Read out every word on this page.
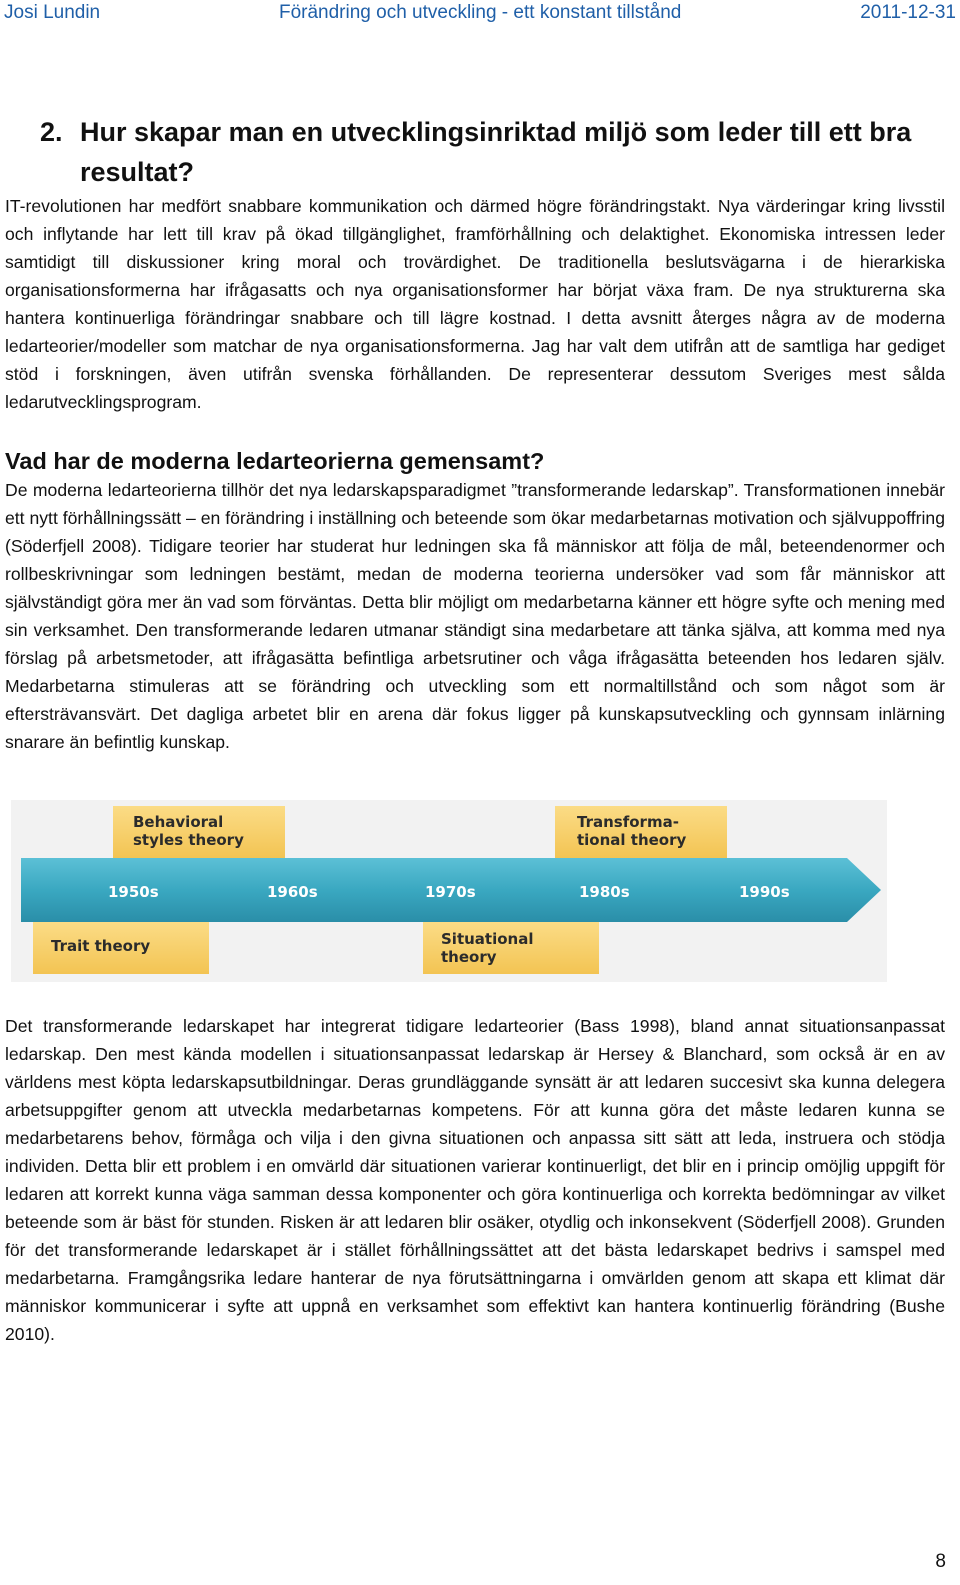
Josi Lundin	Förändring och utveckling - ett konstant tillstånd	2011-12-31
2. Hur skapar man en utvecklingsinriktad miljö som leder till ett bra resultat?

IT-revolutionen har medfört snabbare kommunikation och därmed högre förändringstakt. Nya värderingar kring livsstil och inflytande har lett till krav på ökad tillgänglighet, framförhållning och delaktighet. Ekonomiska intressen leder samtidigt till diskussioner kring moral och trovärdighet. De traditionella beslutsvägarna i de hierarkiska organisationsformerna har ifrågasatts och nya organisationsformer har börjat växa fram. De nya strukturerna ska hantera kontinuerliga förändringar snabbare och till lägre kostnad. I detta avsnitt återges några av de moderna ledarteorier/modeller som matchar de nya organisationsformerna. Jag har valt dem utifrån att de samtliga har gediget stöd i forskningen, även utifrån svenska förhållanden. De representerar dessutom Sveriges mest sålda ledarutvecklingsprogram.

Vad har de moderna ledarteorierna gemensamt?

De moderna ledarteorierna tillhör det nya ledarskapsparadigmet ”transformerande ledarskap”. Transformationen innebär ett nytt förhållningssätt – en förändring i inställning och beteende som ökar medarbetarnas motivation och självuppoffring (Söderfjell 2008). Tidigare teorier har studerat hur ledningen ska få människor att följa de mål, beteendenormer och rollbeskrivningar som ledningen bestämt, medan de moderna teorierna undersöker vad som får människor att självständigt göra mer än vad som förväntas. Detta blir möjligt om medarbetarna känner ett högre syfte och mening med sin verksamhet. Den transformerande ledaren utmanar ständigt sina medarbetare att tänka själva, att komma med nya förslag på arbetsmetoder, att ifrågasätta befintliga arbetsrutiner och våga ifrågasätta beteenden hos ledaren själv. Medarbetarna stimuleras att se förändring och utveckling som ett normaltillstånd och som något som är eftersträvansvärt. Det dagliga arbetet blir en arena där fokus ligger på kunskapsutveckling och gynnsam inlärning snarare än befintlig kunskap.

Behavioral
styles theory
Transforma-
tional theory
1950s	1960s	1970s	1980s	1990s
Trait theory	Situational
theory

Det transformerande ledarskapet har integrerat tidigare ledarteorier (Bass 1998), bland annat situationsanpassat ledarskap. Den mest kända modellen i situationsanpassat ledarskap är Hersey & Blanchard, som också är en av världens mest köpta ledarskapsutbildningar. Deras grundläggande synsätt är att ledaren succesivt ska kunna delegera arbetsuppgifter genom att utveckla medarbetarnas kompetens. För att kunna göra det måste ledaren kunna se medarbetarens behov, förmåga och vilja i den givna situationen och anpassa sitt sätt att leda, instruera och stödja individen. Detta blir ett problem i en omvärld där situationen varierar kontinuerligt, det blir en i princip omöjlig uppgift för ledaren att korrekt kunna väga samman dessa komponenter och göra kontinuerliga och korrekta bedömningar av vilket beteende som är bäst för stunden. Risken är att ledaren blir osäker, otydlig och inkonsekvent (Söderfjell 2008). Grunden för det transformerande ledarskapet är i stället förhållningssättet att det bästa ledarskapet bedrivs i samspel med medarbetarna. Framgångsrika ledare hanterar de nya förutsättningarna i omvärlden genom att skapa ett klimat där människor kommunicerar i syfte att uppnå en verksamhet som effektivt kan hantera kontinuerlig förändring (Bushe 2010).

8
